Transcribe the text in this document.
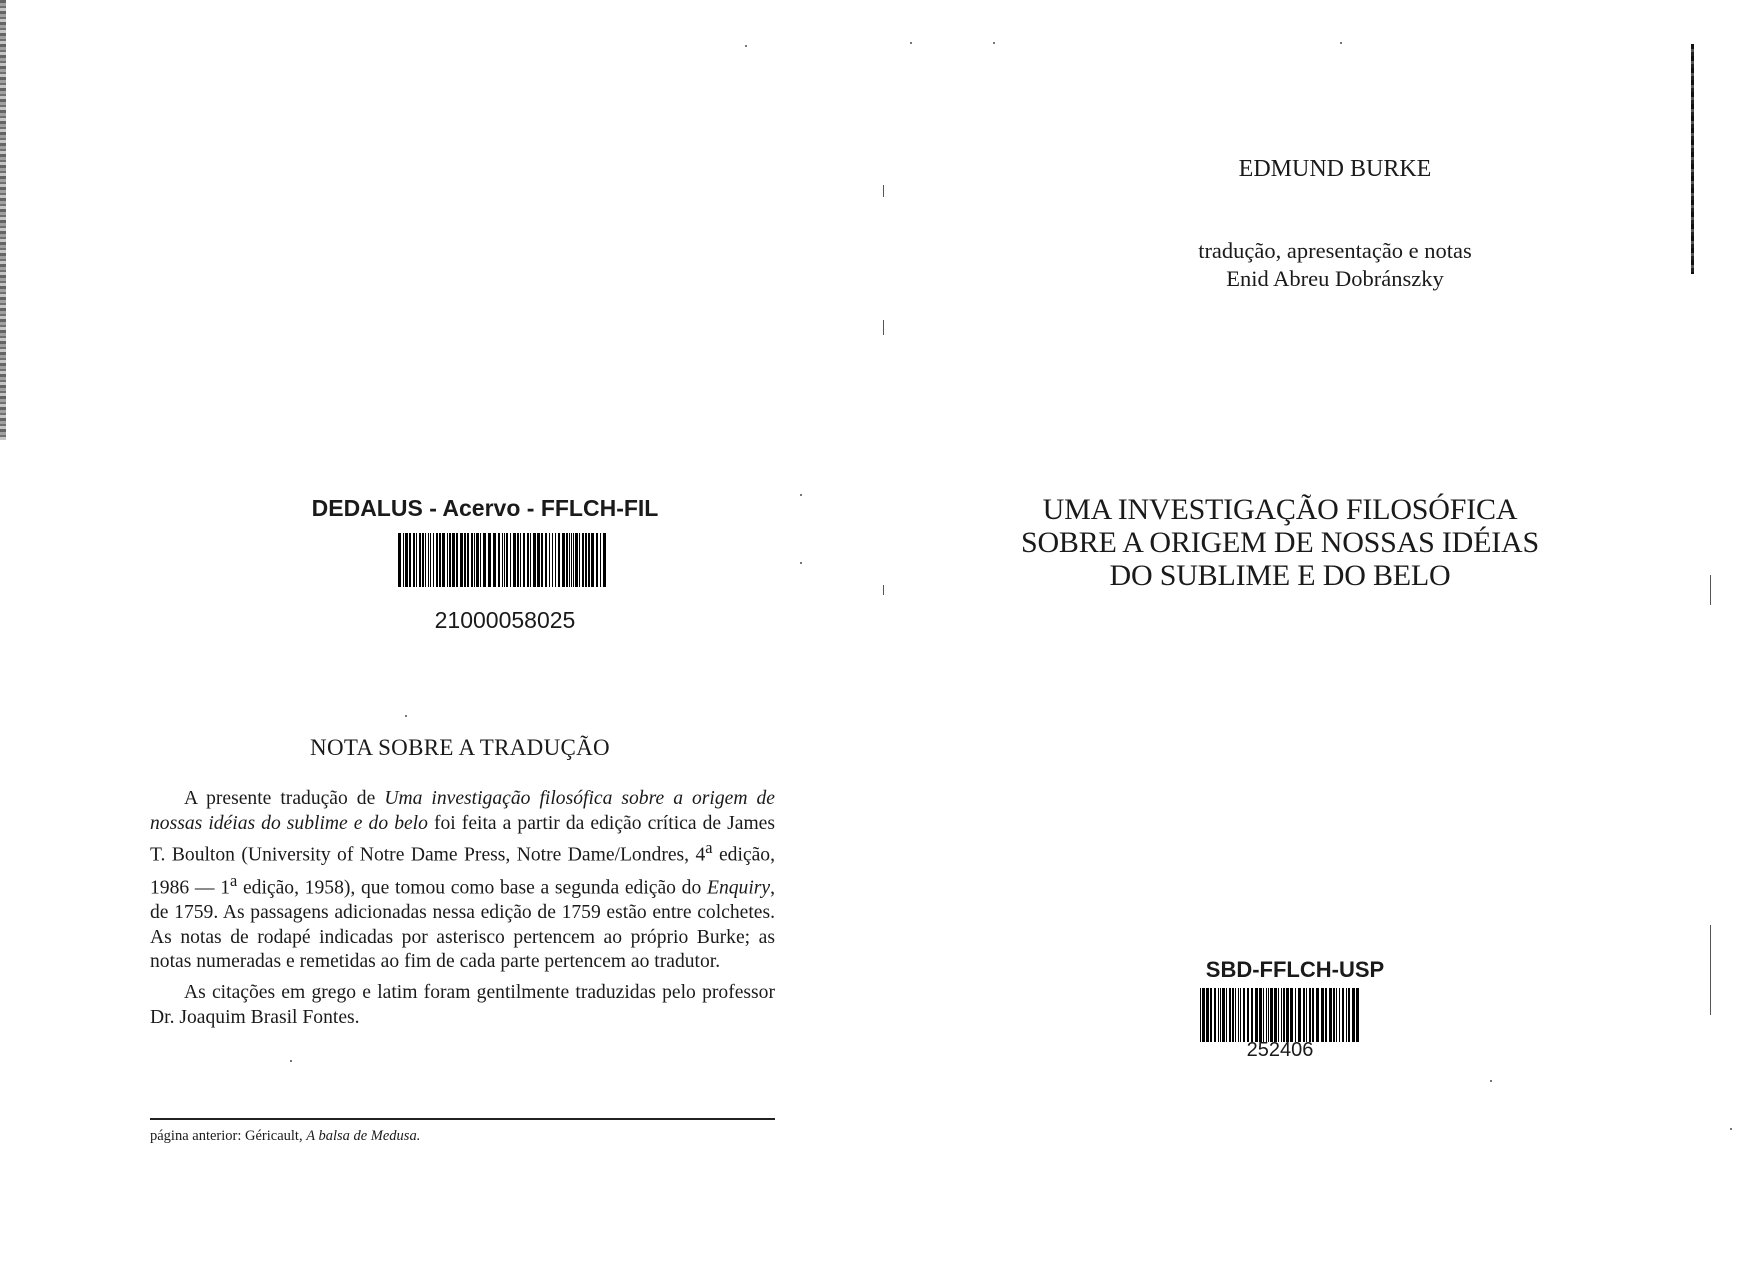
DEDALUS - Acervo - FFLCH-FIL
21000058025
NOTA SOBRE A TRADUÇÃO

A presente tradução de Uma investigação filosófica sobre a origem de nossas idéias do sublime e do belo foi feita a partir da edição crítica de James T. Boulton (University of Notre Dame Press, Notre Dame/Londres, 4$^a$ edição, 1986 — 1$^a$ edição, 1958), que tomou como base a segunda edição do Enquiry, de 1759. As passagens adicionadas nessa edição de 1759 estão entre colchetes. As notas de rodapé indicadas por asterisco pertencem ao próprio Burke; as notas numeradas e remetidas ao fim de cada parte pertencem ao tradutor.

As citações em grego e latim foram gentilmente traduzidas pelo professor Dr. Joaquim Brasil Fontes.

página anterior: Géricault, A balsa de Medusa.
EDMUND BURKE
tradução, apresentação e notas
Enid Abreu Dobránszky
UMA INVESTIGAÇÃO FILOSÓFICA
SOBRE A ORIGEM DE NOSSAS IDÉIAS
DO SUBLIME E DO BELO
SBD-FFLCH-USP
252406
